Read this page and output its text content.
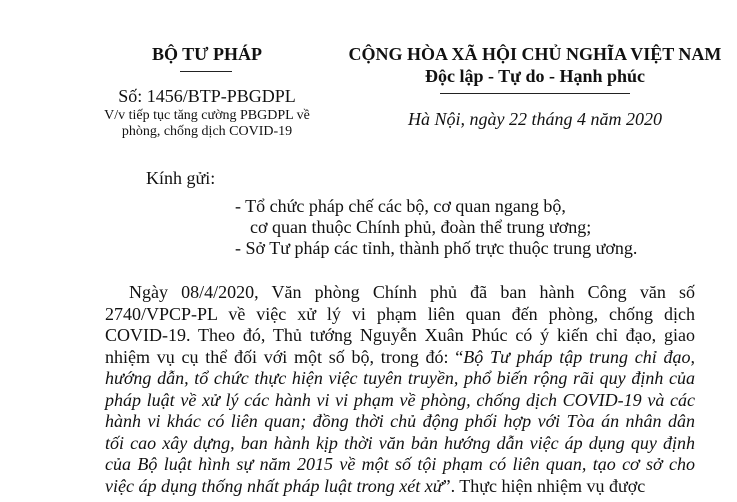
BỘ TƯ PHÁP
Số: 1456/BTP-PBGDPL
V/v tiếp tục tăng cường PBGDPL về
phòng, chống dịch COVID-19
CỘNG HÒA XÃ HỘI CHỦ NGHĨA VIỆT NAM
Độc lập - Tự do - Hạnh phúc
Hà Nội, ngày 22 tháng 4 năm 2020
Kính gửi:
- Tổ chức pháp chế các bộ, cơ quan ngang bộ,
cơ quan thuộc Chính phủ, đoàn thể trung ương;
- Sở Tư pháp các tỉnh, thành phố trực thuộc trung ương.
Ngày 08/4/2020, Văn phòng Chính phủ đã ban hành Công văn số
2740/VPCP-PL về việc xử lý vi phạm liên quan đến phòng, chống dịch
COVID-19. Theo đó, Thủ tướng Nguyễn Xuân Phúc có ý kiến chỉ đạo, giao
nhiệm vụ cụ thể đối với một số bộ, trong đó: “Bộ Tư pháp tập trung chỉ đạo,
hướng dẫn, tổ chức thực hiện việc tuyên truyền, phổ biến rộng rãi quy định của
pháp luật về xử lý các hành vi vi phạm về phòng, chống dịch COVID-19 và các
hành vi khác có liên quan; đồng thời chủ động phối hợp với Tòa án nhân dân
tối cao xây dựng, ban hành kịp thời văn bản hướng dẫn việc áp dụng quy định
của Bộ luật hình sự năm 2015 về một số tội phạm có liên quan, tạo cơ sở cho
việc áp dụng thống nhất pháp luật trong xét xử”. Thực hiện nhiệm vụ được
